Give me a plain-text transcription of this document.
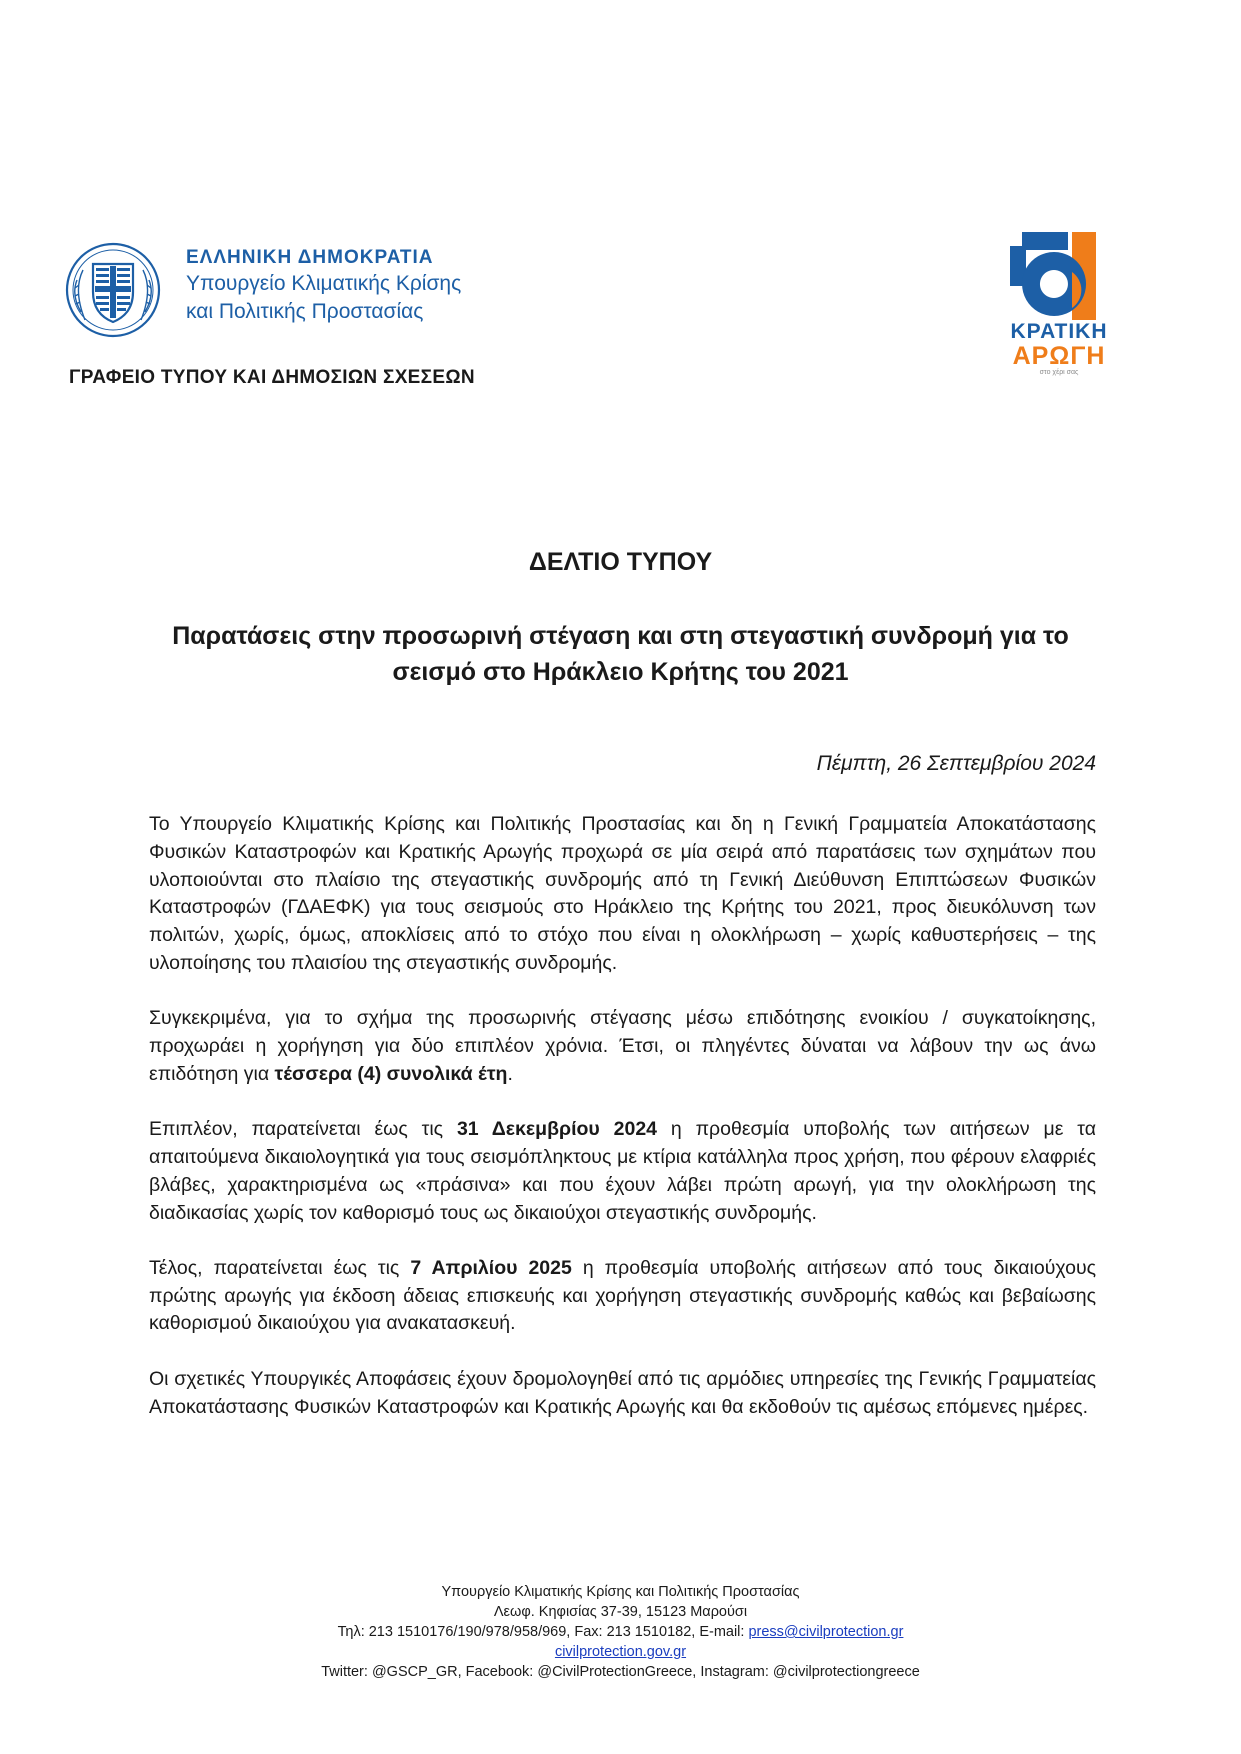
ΕΛΛΗΝΙΚΗ ΔΗΜΟΚΡΑΤΙΑ
Υπουργείο Κλιματικής Κρίσης
και Πολιτικής Προστασίας
ΓΡΑΦΕΙΟ ΤΥΠΟΥ ΚΑΙ ΔΗΜΟΣΙΩΝ ΣΧΕΣΕΩΝ
ΚΡΑΤΙΚΗ
ΑΡΩΓΗ
στο χέρι σας
ΔΕΛΤΙΟ ΤΥΠΟΥ
Παρατάσεις στην προσωρινή στέγαση και στη στεγαστική συνδρομή για το σεισμό στο Ηράκλειο Κρήτης του 2021
Πέμπτη, 26 Σεπτεμβρίου 2024

Το Υπουργείο Κλιματικής Κρίσης και Πολιτικής Προστασίας και δη η Γενική Γραμματεία Αποκατάστασης Φυσικών Καταστροφών και Κρατικής Αρωγής προχωρά σε μία σειρά από παρατάσεις των σχημάτων που υλοποιούνται στο πλαίσιο της στεγαστικής συνδρομής από τη Γενική Διεύθυνση Επιπτώσεων Φυσικών Καταστροφών (ΓΔΑΕΦΚ) για τους σεισμούς στο Ηράκλειο της Κρήτης του 2021, προς διευκόλυνση των πολιτών, χωρίς, όμως, αποκλίσεις από το στόχο που είναι η ολοκλήρωση – χωρίς καθυστερήσεις – της υλοποίησης του πλαισίου της στεγαστικής συνδρομής.

Συγκεκριμένα, για το σχήμα της προσωρινής στέγασης μέσω επιδότησης ενοικίου / συγκατοίκησης, προχωράει η χορήγηση για δύο επιπλέον χρόνια. Έτσι, οι πληγέντες δύναται να λάβουν την ως άνω επιδότηση για τέσσερα (4) συνολικά έτη.

Επιπλέον, παρατείνεται έως τις 31 Δεκεμβρίου 2024 η προθεσμία υποβολής των αιτήσεων με τα απαιτούμενα δικαιολογητικά για τους σεισμόπληκτους με κτίρια κατάλληλα προς χρήση, που φέρουν ελαφριές βλάβες, χαρακτηρισμένα ως «πράσινα» και που έχουν λάβει πρώτη αρωγή, για την ολοκλήρωση της διαδικασίας χωρίς τον καθορισμό τους ως δικαιούχοι στεγαστικής συνδρομής.

Τέλος, παρατείνεται έως τις 7 Απριλίου 2025 η προθεσμία υποβολής αιτήσεων από τους δικαιούχους πρώτης αρωγής για έκδοση άδειας επισκευής και χορήγηση στεγαστικής συνδρομής καθώς και βεβαίωσης καθορισμού δικαιούχου για ανακατασκευή.

Οι σχετικές Υπουργικές Αποφάσεις έχουν δρομολογηθεί από τις αρμόδιες υπηρεσίες της Γενικής Γραμματείας Αποκατάστασης Φυσικών Καταστροφών και Κρατικής Αρωγής και θα εκδοθούν τις αμέσως επόμενες ημέρες.

Υπουργείο Κλιματικής Κρίσης και Πολιτικής Προστασίας
Λεωφ. Κηφισίας 37-39, 15123 Μαρούσι
Τηλ: 213 1510176/190/978/958/969, Fax: 213 1510182, E-mail: press@civilprotection.gr
civilprotection.gov.gr
Twitter: @GSCP_GR, Facebook: @CivilProtectionGreece, Instagram: @civilprotectiongreece
